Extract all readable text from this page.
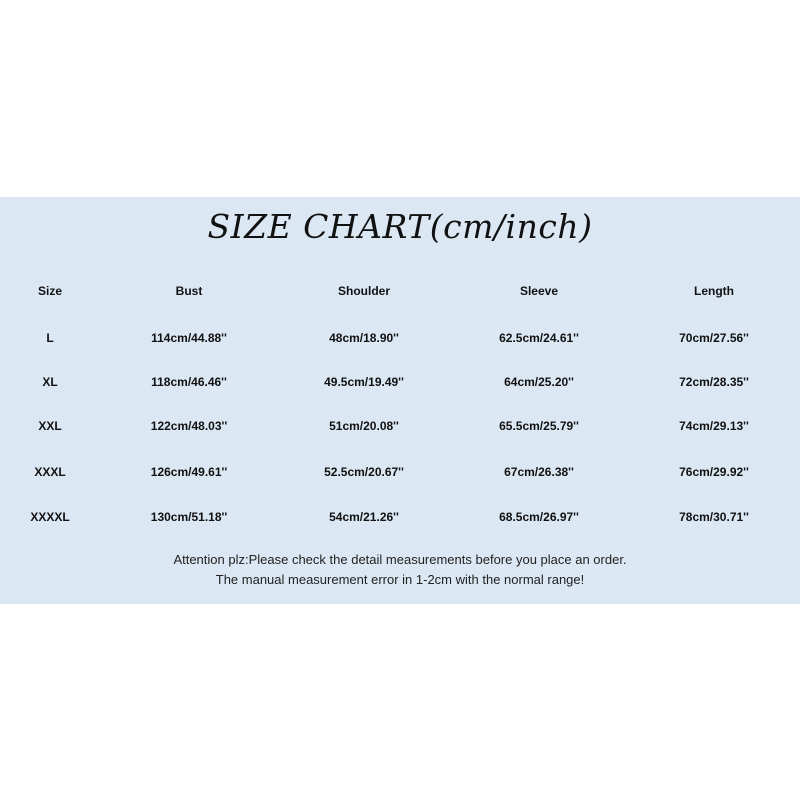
SIZE CHART(cm/inch)
Size	Bust	Shoulder	Sleeve	Length
L	114cm/44.88''	48cm/18.90''	62.5cm/24.61''	70cm/27.56''
XL	118cm/46.46''	49.5cm/19.49''	64cm/25.20''	72cm/28.35''
XXL	122cm/48.03''	51cm/20.08''	65.5cm/25.79''	74cm/29.13''
XXXL	126cm/49.61''	52.5cm/20.67''	67cm/26.38''	76cm/29.92''
XXXXL	130cm/51.18''	54cm/21.26''	68.5cm/26.97''	78cm/30.71''
Attention plz:Please check the detail measurements before you place an order.
The manual measurement error in 1-2cm with the normal range!
